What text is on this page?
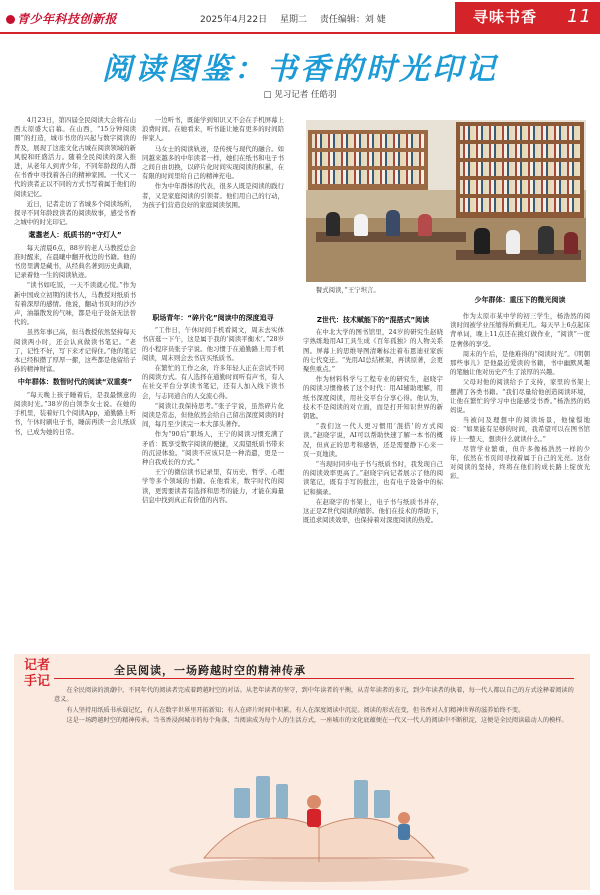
青少年科技创新报	2025年4月22日 星期二 责任编辑：刘 婕	寻味书香 11
阅读图鉴：书香的时光印记
□ 见习记者 任皓羽

4月23日，第四届全民阅读大会将在山西太原盛大启幕。在山西，“15分钟阅读圈”的打造，城市书房的兴起与数字阅读的普及，展现了这座文化古城在阅读领域的新风貌和旺盛活力。随着全民阅读的深入推进，从老年人到青少年，不同年龄段的人群在书香中寻找着各自的精神家园。一代又一代的读者正以不同的方式书写着属于他们的阅读记忆。

近日，记者走访了省城多个阅读场所，探寻不同年龄段读者的阅读故事，感受书香之城中的时光印记。

耄耋老人：纸质书的“守灯人”

每天清晨6点，88岁的老人马教授总会准时醒来，在晨曦中翻开枕边的书籍。他的书房里满是藏书，从经典名著到历史典籍，记录着他一生的阅读轨迹。

“读书如吃饭，一天不读就心慌。”作为新中国成立初期的读书人，马教授对纸质书有着深厚的感情。他说，翻动书页时的沙沙声，油墨散发的气味，都是电子设备无法替代的。

虽然年事已高，但马教授依然坚持每天阅读两小时，还会认真做读书笔记。“老了，记性不好，写下来才记得住。”他的笔记本已经积攒了厚厚一摞，这些都是他留给子孙的精神财富。

中年群体：数智时代的阅读“双重奏”

“每天晚上孩子睡着后，是我最惬意的阅读时光。”38岁的白领李女士说。在她的手机里，装着好几个阅读App，通勤路上听书，午休时刷电子书，睡前再读一会儿纸质书，已成为她的日常。

一边听书，既能学到知识又不会在手机屏幕上浪费时间。在她看来，听书能让她有更多的时间陪伴家人。

马女士的阅读轨迹，是传统与现代的融合。如同越来越多的中年读者一样，她们在纸书和电子书之间自由切换，以碎片化时间实现阅读的积累，在有限的时间里给自己的精神充电。

作为中年群体的代表，很多人既是阅读的践行者，又是家庭阅读的引领者。他们用自己的行动，为孩子们营造良好的家庭阅读氛围。

职场青年：“碎片化”阅读中的深度追寻

“工作日，午休时间手机看阅文，周末去实体书店逛一下午，这是属于我的‘阅读平衡术’。”28岁的小程序员张子宇说。他习惯于在通勤路上用手机阅读，周末则会去书店买纸质书。

在繁忙的工作之余，许多年轻人正在尝试不同的阅读方式。有人选择在通勤时间听有声书，有人在社交平台分享读书笔记，还有人加入线下读书会，与志同道合的人交流心得。

“阅读让我保持思考。”张子宇说，虽然碎片化阅读是常态，但他依然会给自己留出深度阅读的时间，每月至少读完一本大部头著作。

作为“90后”职场人，王宁的阅读习惯充满了矛盾：既享受数字阅读的便捷，又渴望纸质书带来的沉浸体验。“阅读不应该只是一种消遣，更是一种自我成长的方式。”

王宁的微信读书记录里，有历史、哲学、心理学等多个领域的书籍。在他看来，数字时代的阅读，更需要读者有选择和思考的能力，才能在海量信息中找到真正有价值的内容。

餐式阅读，”王宁坦言。

Z世代：技术赋能下的“混搭式”阅读

在中北大学的图书馆里，24岁的研究生赵晓宇熟练地用AI工具生成《百年孤独》的人物关系图。屏幕上的思维导图清晰标注着布恩迪亚家族的七代变迁。“先用AI总结框架，再读原著，会更聚焦重点。”

作为材料科学与工程专业的研究生，赵晓宇的阅读习惯像极了这个时代：用AI辅助理解，用纸书深度阅读，用社交平台分享心得。他认为，技术不是阅读的对立面，而是打开知识世界的新钥匙。

“我们这一代人更习惯用‘混搭’的方式阅读。”赵晓宇说，AI可以帮助快速了解一本书的概况，但真正的思考和感悟，还是需要静下心来一页一页地读。

“当现时同步电子书与纸质书时，我发现自己的阅读效率更高了。”赵晓宇向记者展示了他的阅读笔记，既有手写的批注，也有电子设备中的标记和摘录。

在赵晓宇的书架上，电子书与纸质书并存，这正是Z世代阅读的缩影。他们在技术的帮助下，既追求阅读效率，也保持着对深度阅读的热爱。

少年群体：重压下的微光阅读

作为太原市某中学的初三学生，杨浩然的阅读时间被学业压缩得所剩无几。每天早上6点起床背单词，晚上11点还在挑灯做作业，“阅读”一度是奢侈的享受。

周末的午后，是他难得的“阅读时光”。《明朝那些事儿》是他最近爱读的书籍，书中幽默风趣的笔触让他对历史产生了浓厚的兴趣。

父母对他的阅读给予了支持，家里的书架上摆满了各类书籍。“我们尽量给他创造阅读环境，让他在繁忙的学习中也能感受书香。”杨浩然的妈妈说。

当被问及理想中的阅读场景，他憧憬地说：“如果能有足够的时间，我希望可以在图书馆待上一整天，想读什么就读什么。”

尽管学业繁重，但许多像杨浩然一样的少年，依然在书页间寻找着属于自己的光亮。这份对阅读的坚持，终将在他们的成长路上绽放光彩。

记者手记
全民阅读，一场跨越时空的精神传承

在全民阅读的浪潮中，不同年代的阅读者完成着跨越时空的对话。从老年读者的坚守，到中年读者的平衡，从青年读者的多元，到少年读者的执着，每一代人都以自己的方式诠释着阅读的意义。

有人坚持用纸质书承载记忆，有人在数字世界里开拓新知；有人在碎片时间中积累，有人在深度阅读中沉淀。阅读的形式在变，但书香对人们精神世界的滋养始终不变。

这是一场跨越时空的精神传承。当书香浸润城市的每个角落，当阅读成为每个人的生活方式，一座城市的文化底蕴便在一代又一代人的阅读中不断积淀，这便是全民阅读最动人的模样。
